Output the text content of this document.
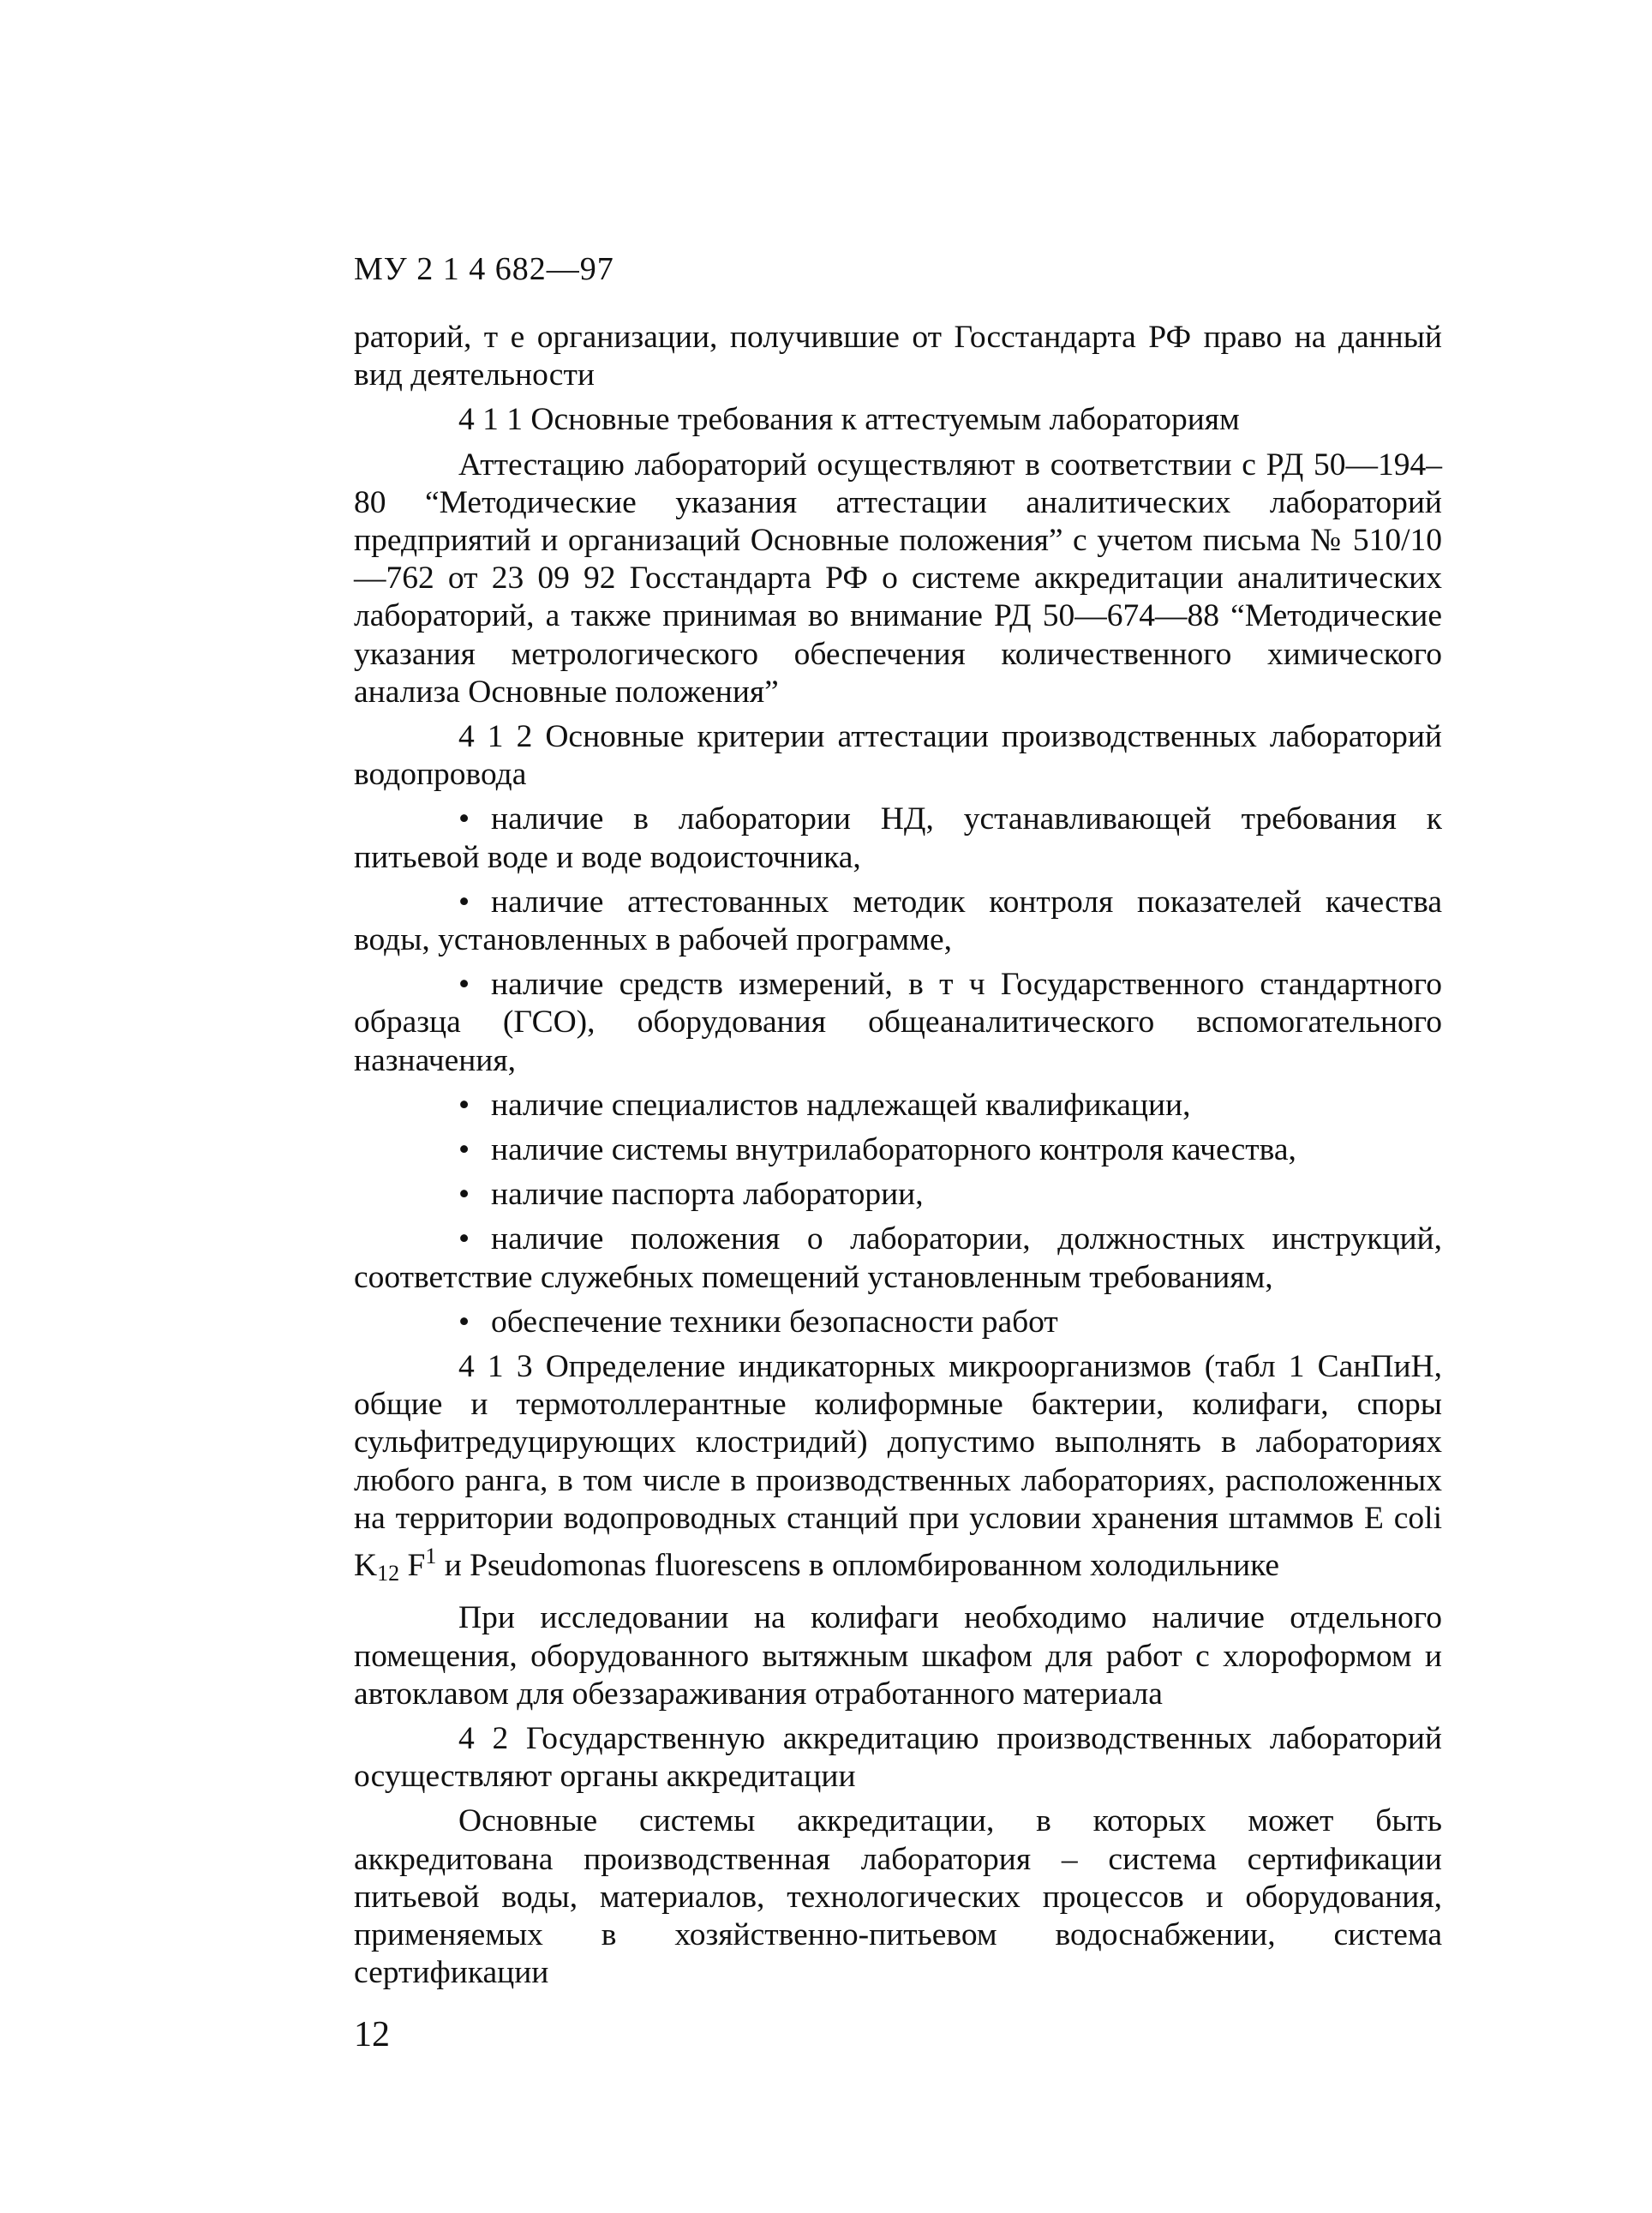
МУ 2 1 4 682—97

раторий, т е организации, получившие от Госстандарта РФ право на данный вид деятельности

4 1 1 Основные требования к аттестуемым лабораториям

Аттестацию лабораторий осуществляют в соответствии с РД 50—194– 80 “Методические указания аттестации аналитических лабораторий предприятий и организаций Основные положения” с учетом письма № 510/10—762 от 23 09 92 Госстандарта РФ о системе аккредитации аналитических лабораторий, а также принимая во внимание РД 50—674—88 “Методические указания метрологического обеспечения количественного химического анализа Основные положения”

4 1 2 Основные критерии аттестации производственных лабораторий водопровода

• наличие в лаборатории НД, устанавливающей требования к питьевой воде и воде водоисточника,

• наличие аттестованных методик контроля показателей качества воды, установленных в рабочей программе,

• наличие средств измерений, в т ч Государственного стандартного образца (ГСО), оборудования общеаналитического вспомогательного назначения,

• наличие специалистов надлежащей квалификации,

• наличие системы внутрилабораторного контроля качества,

• наличие паспорта лаборатории,

• наличие положения о лаборатории, должностных инструкций, соответствие служебных помещений установленным требованиям,

• обеспечение техники безопасности работ

4 1 3 Определение индикаторных микроорганизмов (табл 1 СанПиН, общие и термотоллерантные колиформные бактерии, колифаги, споры сульфитредуцирующих клостридий) допустимо выполнять в лабораториях любого ранга, в том числе в производственных лабораториях, расположенных на территории водопроводных станций при условии хранения штаммов E coli $K_{12}$ $F^1$ и Pseudomonas fluorescens в опломбированном холодильнике

При исследовании на колифаги необходимо наличие отдельного помещения, оборудованного вытяжным шкафом для работ с хлороформом и автоклавом для обеззараживания отработанного материала

4 2 Государственную аккредитацию производственных лабораторий осуществляют органы аккредитации

Основные системы аккредитации, в которых может быть аккредитована производственная лаборатория – система сертификации питьевой воды, материалов, технологических процессов и оборудования, применяемых в хозяйственно-питьевом водоснабжении, система сертификации

12
